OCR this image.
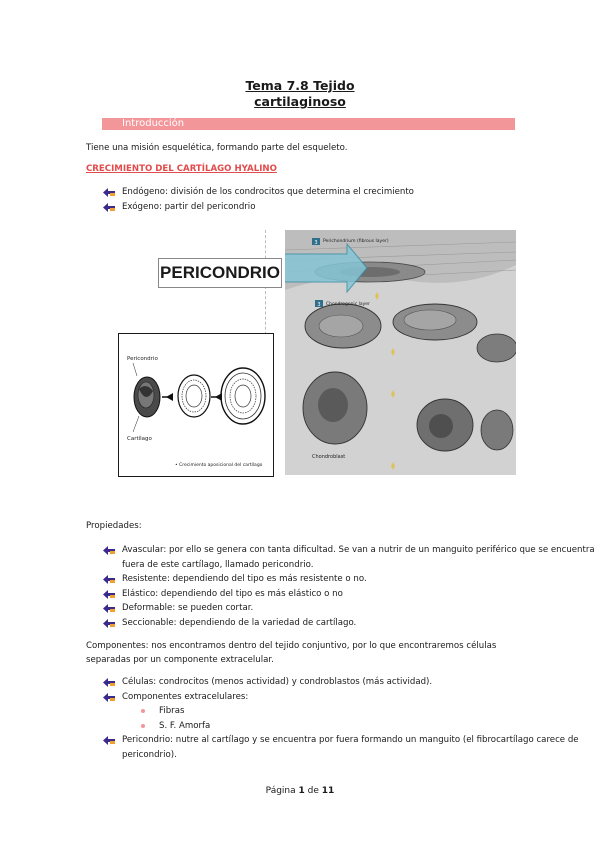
Tema 7.8 Tejido
cartilaginoso
Introducción
Tiene una misión esquelética, formando parte del esqueleto.
CRECIMIENTO DEL CARTÍLAGO HYALINO
Endógeno: división de los condrocitos que determina el crecimiento
Exógeno: partir del pericondrio
PERICONDRIO
Pericondrio
Cartílago
• Crecimiento aposicional del cartílago
3 Perichondrium (fibrous layer)
3 Chondrogenic layer
Chondroblast
Propiedades:
Avascular: por ello se genera con tanta dificultad. Se van a nutrir de un manguito periférico que se encuentra fuera de este cartílago, llamado pericondrio.
Resistente: dependiendo del tipo es más resistente o no.
Elástico: dependiendo del tipo es más elástico o no
Deformable: se pueden cortar.
Seccionable: dependiendo de la variedad de cartílago.
Componentes: nos encontramos dentro del tejido conjuntivo, por lo que encontraremos células separadas por un componente extracelular.
Células: condrocitos (menos actividad) y condroblastos (más actividad).
Componentes extracelulares:
Fibras
S. F. Amorfa
Pericondrio: nutre al cartílago y se encuentra por fuera formando un manguito (el fibrocartílago carece de pericondrio).
Página 1 de 11
